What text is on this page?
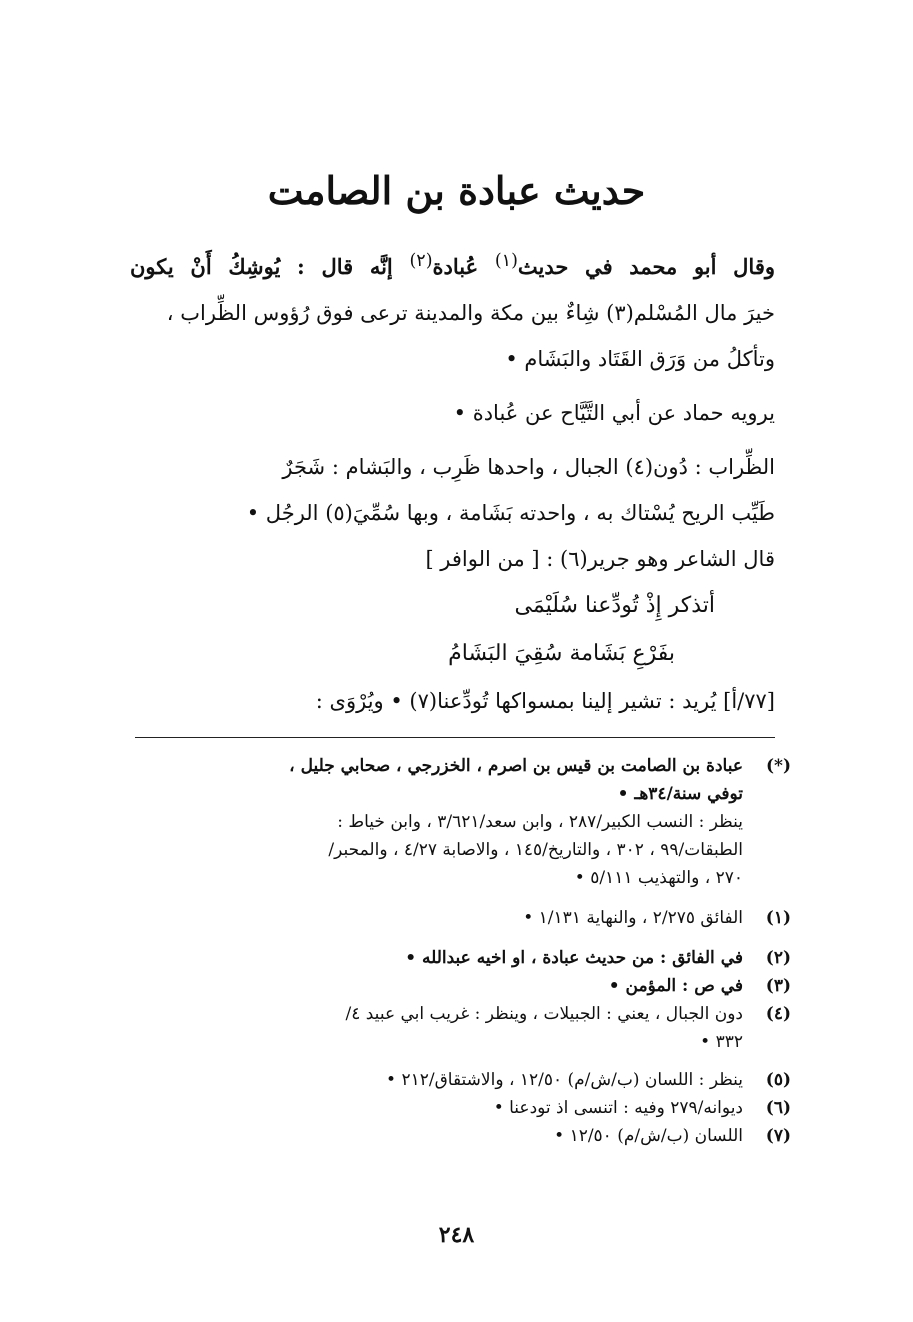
حديث عبادة بن الصامت
وقال أبو محمد في حديث$^{(١)}$ عُبادة$^{(٢)}$ إنَّه قال : يُوشِكُ أَنْ يكون
خيرَ مال المُسْلم(٣) شِاءٌ بين مكة والمدينة ترعى فوق رُؤوس الظِّراب ،
وتأكلُ من وَرَق القَتَاد والبَشَام •
يرويه حماد عن أبي التَّيَّاح عن عُبادة •
الظِّراب : دُون(٤) الجبال ، واحدها ظَرِب ، والبَشام : شَجَرٌ
طَيِّب الريح يُسْتاك به ، واحدته بَشَامة ، وبها سُمِّيَ(٥) الرجُل •
قال الشاعر وهو جرير(٦) : [ من الوافر ]
أتذكر إِذْ تُودِّعنا سُلَيْمَى
بفَرْعِ بَشَامة سُقِيَ البَشَامُ
[٧٧/أ] يُريد : تشير إلينا بمسواكها تُودِّعنا(٧) • ويُرْوَى :
(*)
عبادة بن الصامت بن قيس بن اصرم ، الخزرجي ، صحابي جليل ،
توفي سنة/٣٤هـ •
ينظر : النسب الكبير/٢٨٧ ، وابن سعد/٣/٦٢١ ، وابن خياط :
الطبقات/٩٩ ، ٣٠٢ ، والتاريخ/١٤٥ ، والاصابة ٤/٢٧ ، والمحبر/
٢٧٠ ، والتهذيب ٥/١١١ •
(١)
الفائق ٢/٢٧٥ ، والنهاية ١/١٣١ •
(٢)
في الفائق : من حديث عبادة ، او اخيه عبدالله •
(٣)
في ص : المؤمن •
(٤)
دون الجبال ، يعني : الجبيلات ، وينظر : غريب ابي عبيد ٤/
٣٣٢ •
(٥)
ينظر : اللسان (ب/ش/م) ١٢/٥٠ ، والاشتقاق/٢١٢ •
(٦)
ديوانه/٢٧٩ وفيه : اتنسى اذ تودعنا •
(٧)
اللسان (ب/ش/م) ١٢/٥٠ •
٢٤٨
